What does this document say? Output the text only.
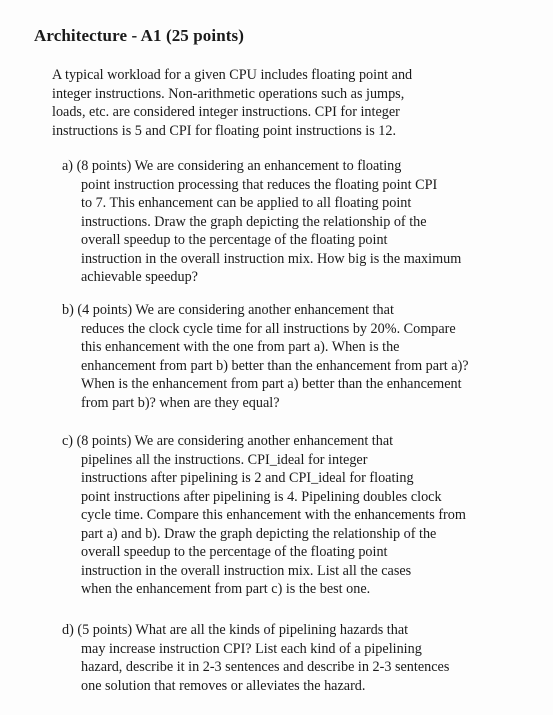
Architecture - A1 (25 points)
A typical workload for a given CPU includes floating point and
integer instructions. Non-arithmetic operations such as jumps,
loads, etc. are considered integer instructions. CPI for integer
instructions is 5 and CPI for floating point instructions is 12.
a) (8 points) We are considering an enhancement to floating
point instruction processing that reduces the floating point CPI
to 7. This enhancement can be applied to all floating point
instructions. Draw the graph depicting the relationship of the
overall speedup to the percentage of the floating point
instruction in the overall instruction mix. How big is the maximum
achievable speedup?
b) (4 points) We are considering another enhancement that
reduces the clock cycle time for all instructions by 20%. Compare
this enhancement with the one from part a). When is the
enhancement from part b) better than the enhancement from part a)?
When is the enhancement from part a) better than the enhancement
from part b)? when are they equal?
c) (8 points) We are considering another enhancement that
pipelines all the instructions. CPI_ideal for integer
instructions after pipelining is 2 and CPI_ideal for floating
point instructions after pipelining is 4. Pipelining doubles clock
cycle time. Compare this enhancement with the enhancements from
part a) and b). Draw the graph depicting the relationship of the
overall speedup to the percentage of the floating point
instruction in the overall instruction mix. List all the cases
when the enhancement from part c) is the best one.
d) (5 points) What are all the kinds of pipelining hazards that
may increase instruction CPI? List each kind of a pipelining
hazard, describe it in 2-3 sentences and describe in 2-3 sentences
one solution that removes or alleviates the hazard.
